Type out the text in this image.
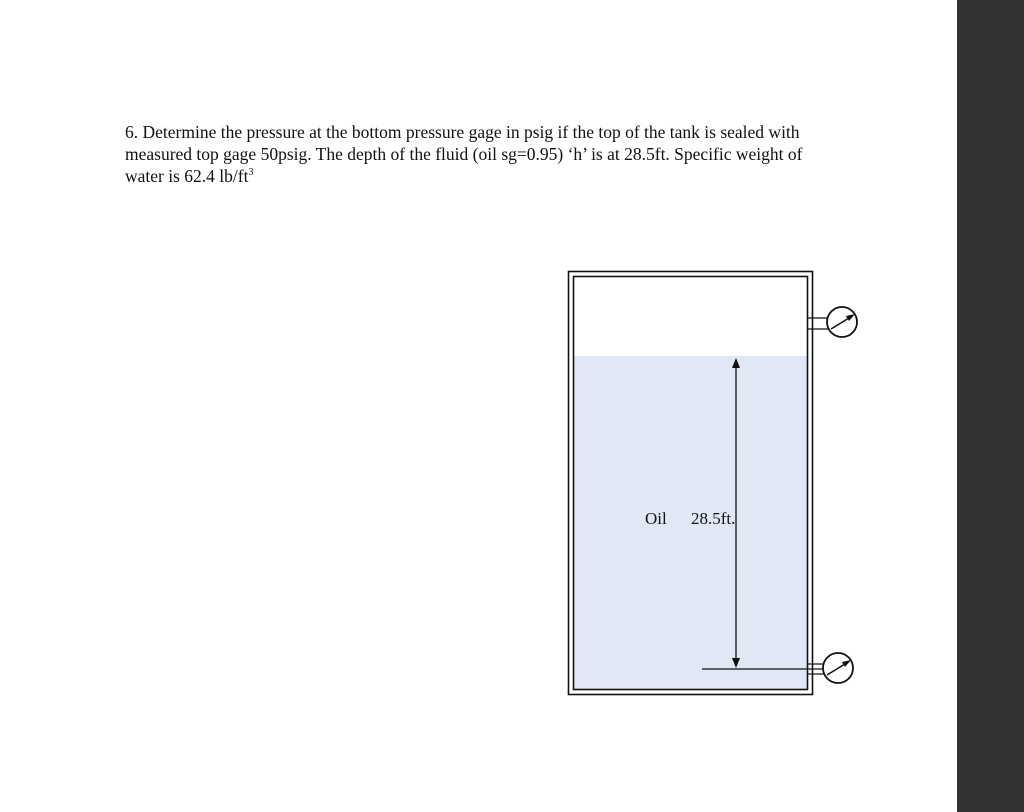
6. Determine the pressure at the bottom pressure gage in psig if the top of the tank is sealed with

measured top gage 50psig. The depth of the fluid (oil sg=0.95) ‘h’ is at 28.5ft. Specific weight of

water is 62.4 $lb/ft^3$

Oil 28.5ft.
